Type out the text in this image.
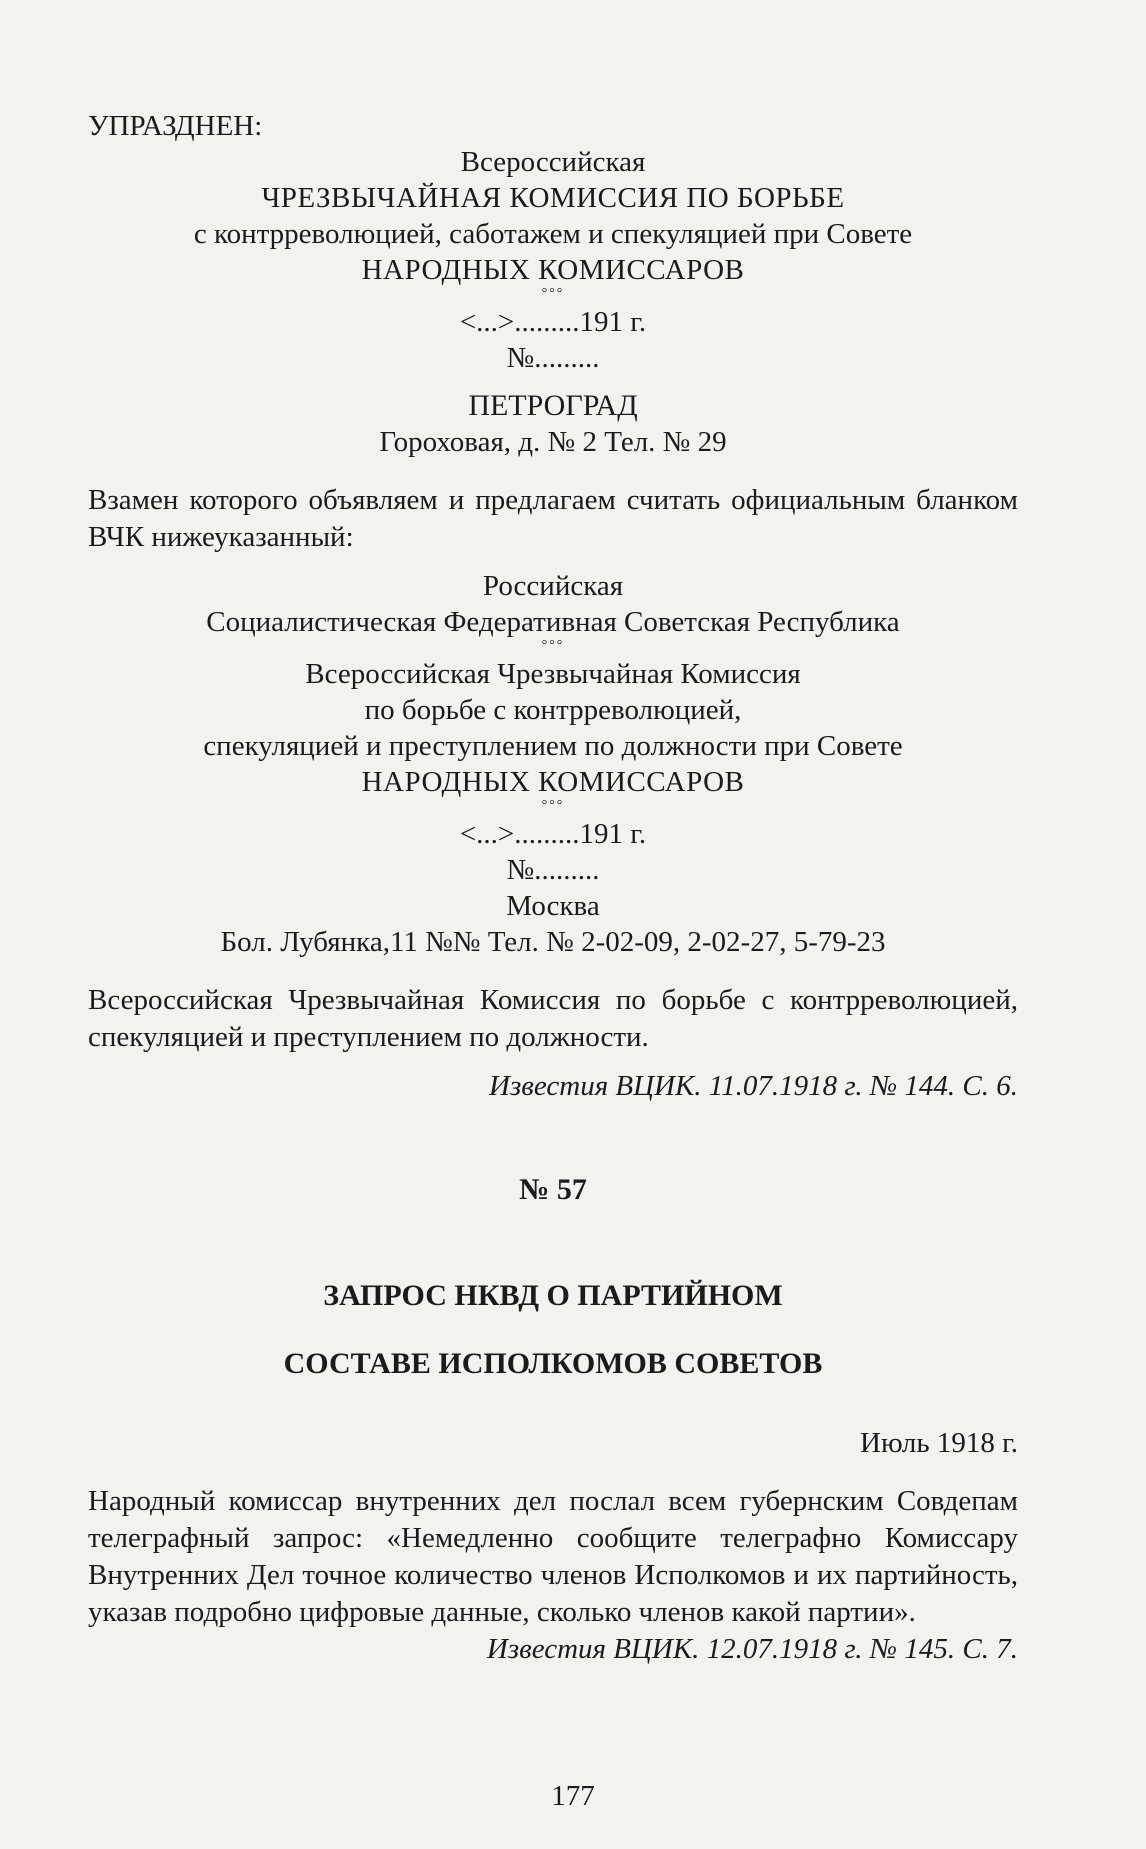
УПРАЗДНЕН:

Всероссийская

ЧРЕЗВЫЧАЙНАЯ КОМИССИЯ ПО БОРЬБЕ

с контрреволюцией, саботажем и спекуляцией при Совете

НАРОДНЫХ КОМИССАРОВ

°°°

<...>.........191 г.

№.........

ПЕТРОГРАД

Гороховая, д. № 2 Тел. № 29

Взамен которого объявляем и предлагаем считать официальным бланком ВЧК нижеуказанный:

Российская

Социалистическая Федеративная Советская Республика

°°°

Всероссийская Чрезвычайная Комиссия

по борьбе с контрреволюцией,

спекуляцией и преступлением по должности при Совете

НАРОДНЫХ КОМИССАРОВ

°°°

<...>.........191 г.

№.........

Москва

Бол. Лубянка,11 №№ Тел. № 2-02-09, 2-02-27, 5-79-23

Всероссийская Чрезвычайная Комиссия по борьбе с контрреволюцией, спекуляцией и преступлением по должности.

Известия ВЦИК. 11.07.1918 г. № 144. С. 6.

№ 57

ЗАПРОС НКВД О ПАРТИЙНОМ

СОСТАВЕ ИСПОЛКОМОВ СОВЕТОВ

Июль 1918 г.

Народный комиссар внутренних дел послал всем губернским Совдепам телеграфный запрос: «Немедленно сообщите телеграфно Комиссару Внутренних Дел точное количество членов Исполкомов и их партийность, указав подробно цифровые данные, сколько членов какой партии».

Известия ВЦИК. 12.07.1918 г. № 145. С. 7.

177
